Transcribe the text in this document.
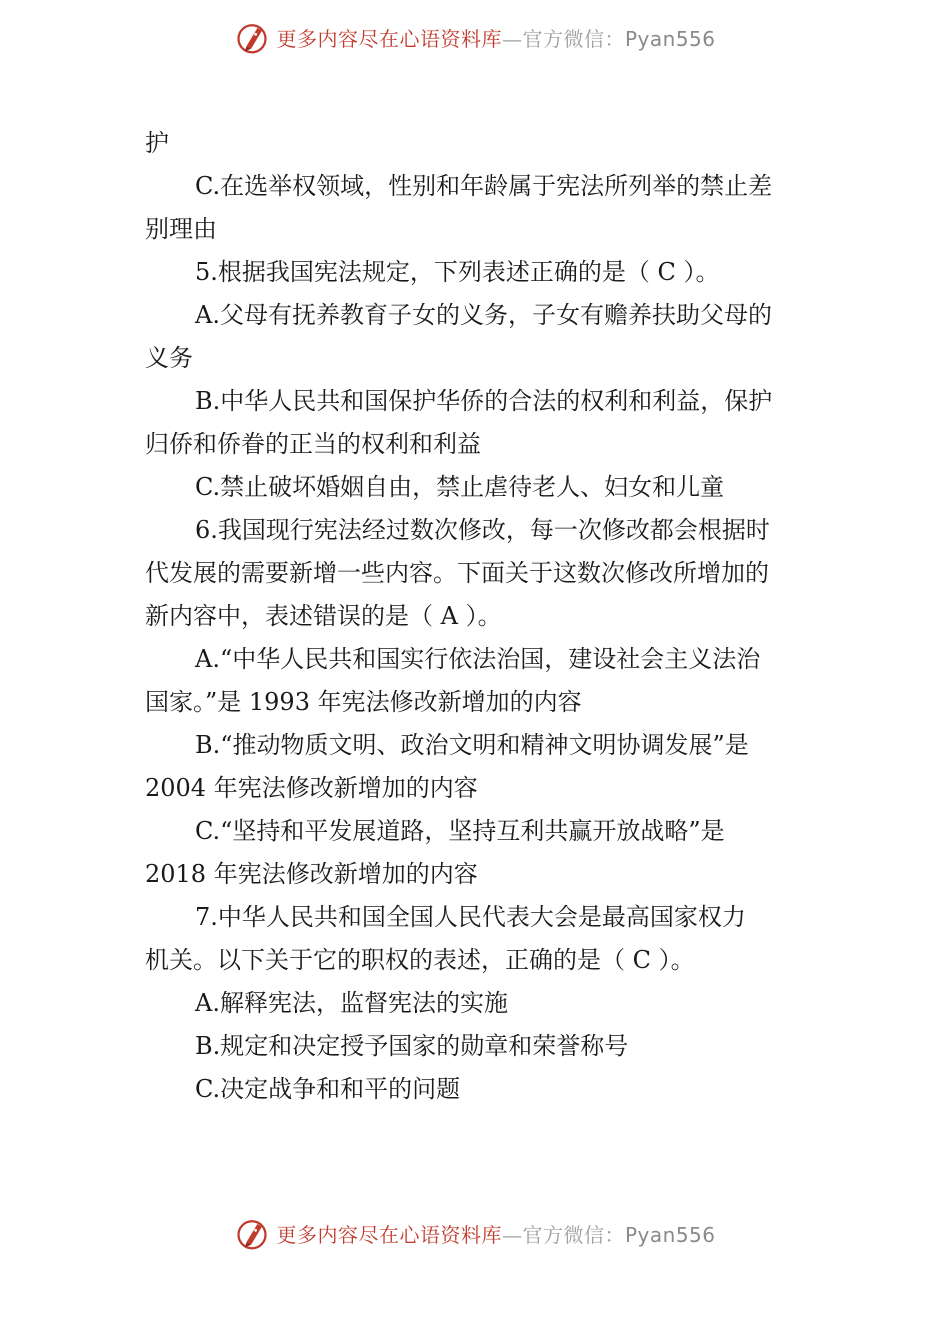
更多内容尽在心语资料库—官方微信：Pyan556
护
C.在选举权领域，性别和年龄属于宪法所列举的禁止差
别理由
5.根据我国宪法规定，下列表述正确的是（ C ）。
A.父母有抚养教育子女的义务，子女有赡养扶助父母的
义务
B.中华人民共和国保护华侨的合法的权利和利益，保护
归侨和侨眷的正当的权利和利益
C.禁止破坏婚姻自由，禁止虐待老人、妇女和儿童
6.我国现行宪法经过数次修改，每一次修改都会根据时
代发展的需要新增一些内容。下面关于这数次修改所增加的
新内容中，表述错误的是（ A ）。
A.“中华人民共和国实行依法治国，建设社会主义法治
国家。”是 1993 年宪法修改新增加的内容
B.“推动物质文明、政治文明和精神文明协调发展”是
2004 年宪法修改新增加的内容
C.“坚持和平发展道路，坚持互利共赢开放战略”是
2018 年宪法修改新增加的内容
7.中华人民共和国全国人民代表大会是最高国家权力
机关。以下关于它的职权的表述，正确的是（ C ）。
A.解释宪法，监督宪法的实施
B.规定和决定授予国家的勋章和荣誉称号
C.决定战争和和平的问题
更多内容尽在心语资料库—官方微信：Pyan556
